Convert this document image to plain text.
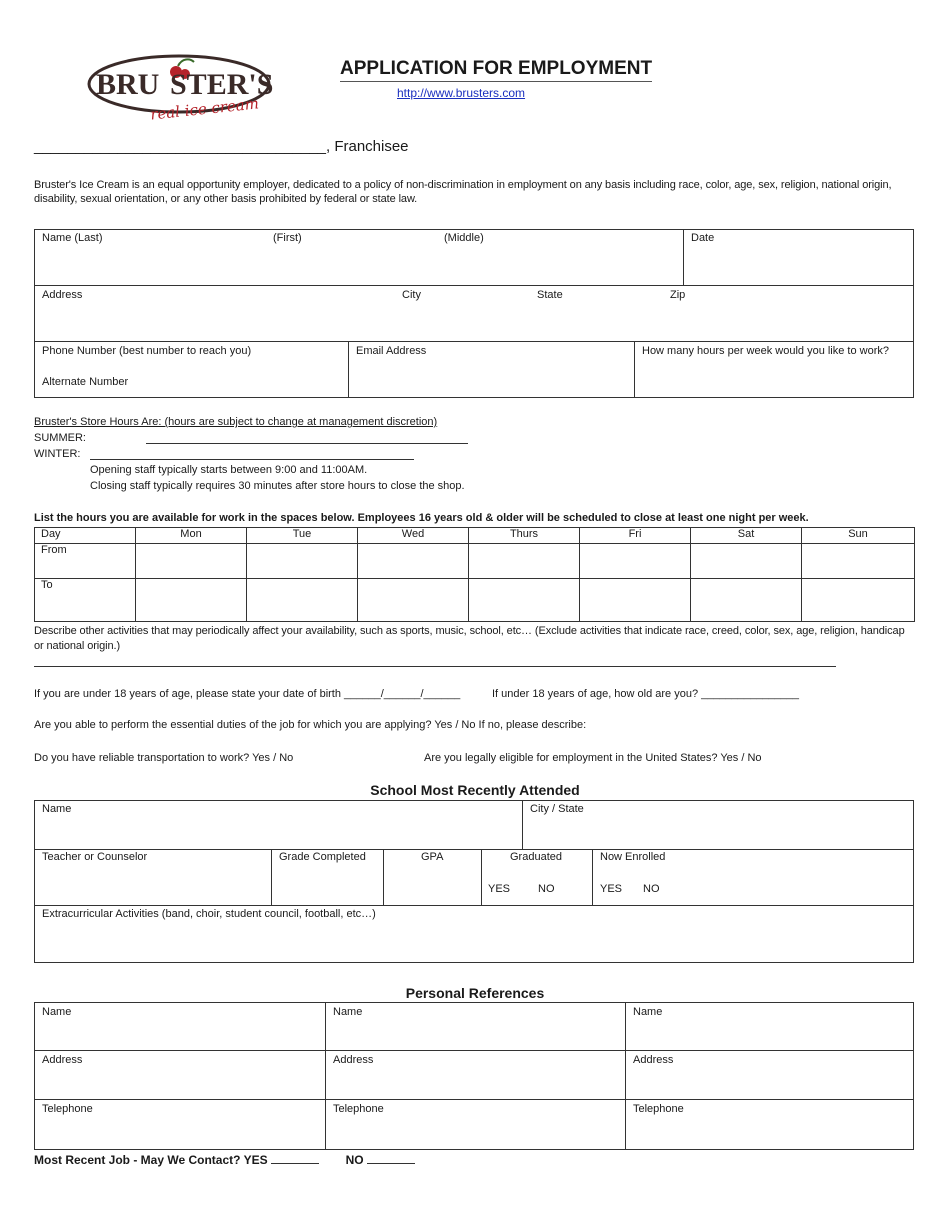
BRU STER'S
real ice cream
APPLICATION FOR EMPLOYMENT
http://www.brusters.com
___________________________________, Franchisee
Bruster's Ice Cream is an equal opportunity employer, dedicated to a policy of non-discrimination in employment on any basis including race, color, age, sex, religion, national origin, disability, sexual orientation, or any other basis prohibited by federal or state law.
Name (Last)	(First)	(Middle)	Date
Address	City	State	Zip
Phone Number (best number to reach you)
Alternate Number
Email Address	How many hours per week would you like to work?
Bruster's Store Hours Are: (hours are subject to change at management discretion)
SUMMER:
WINTER:
Opening staff typically starts between 9:00 and 11:00AM.
Closing staff typically requires 30 minutes after store hours to close the shop.
List the hours you are available for work in the spaces below. Employees 16 years old & older will be scheduled to close at least one night per week.
Day	Mon	Tue	Wed	Thurs	Fri	Sat	Sun
From							
To							
Describe other activities that may periodically affect your availability, such as sports, music, school, etc… (Exclude activities that indicate race, creed, color, sex, age, religion, handicap or national origin.)
If you are under 18 years of age, please state your date of birth ______/______/______	If under 18 years of age, how old are you? ________________
Are you able to perform the essential duties of the job for which you are applying? Yes / No If no, please describe:
Do you have reliable transportation to work? Yes / No	Are you legally eligible for employment in the United States? Yes / No
School Most Recently Attended
Name	City / State
Teacher or Counselor	Grade Completed	GPA	Graduated	Now Enrolled
YES	NO	YES NO
Extracurricular Activities (band, choir, student council, football, etc…)
Personal References
Name	Name	Name
Address	Address	Address
Telephone	Telephone	Telephone
Most Recent Job - May We Contact? YES	NO
